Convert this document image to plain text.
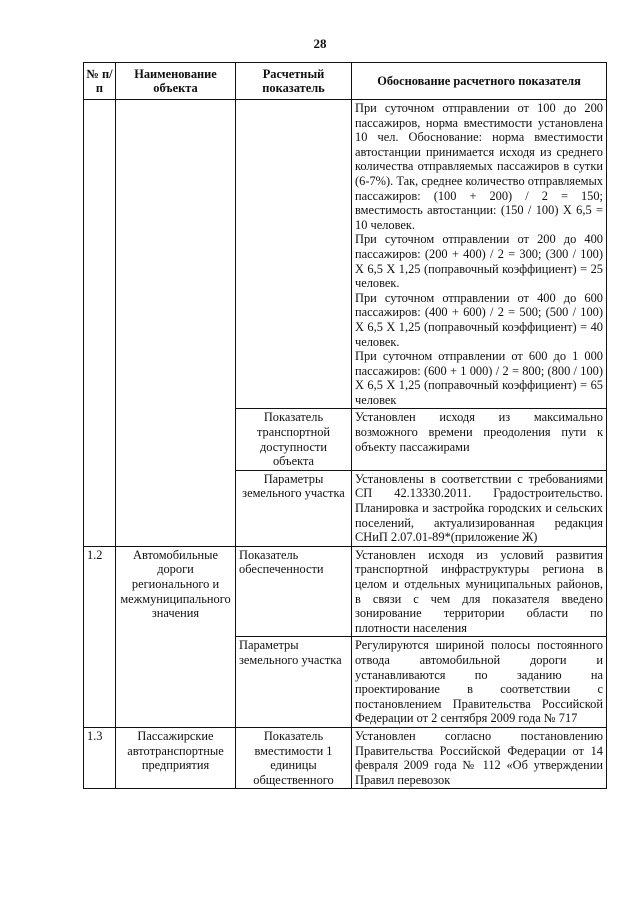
28
№ п/п	Наименование объекта	Расчетный показатель	Обоснование расчетного показателя

			При суточном отправлении от 100 до 200 пассажиров, норма вместимости установлена 10 чел. Обоснование: норма вместимости автостанции принимается исходя из среднего количества отправляемых пассажиров в сутки (6-7%). Так, среднее количество отправляемых пассажиров: (100 + 200) / 2 = 150; вместимость автостанции: (150 / 100) Х 6,5 = 10 человек.
При суточном отправлении от 200 до 400 пассажиров: (200 + 400) / 2 = 300; (300 / 100) Х 6,5 Х 1,25 (поправочный коэффициент) = 25 человек.
При суточном отправлении от 400 до 600 пассажиров: (400 + 600) / 2 = 500; (500 / 100) Х 6,5 Х 1,25 (поправочный коэффициент) = 40 человек.
При суточном отправлении от 600 до 1 000 пассажиров: (600 + 1 000) / 2 = 800; (800 / 100) Х 6,5 Х 1,25 (поправочный коэффициент) = 65 человек

		Показатель транспортной доступности объекта	Установлен исходя из максимально возможного времени преодоления пути к объекту пассажирами
		Параметры земельного участка	Установлены в соответствии с требованиями СП 42.13330.2011. Градостроительство. Планировка и застройка городских и сельских поселений, актуализированная редакция СНиП 2.07.01-89*(приложение Ж)
1.2	Автомобильные дороги регионального и межмуниципального значения	Показатель обеспеченности	Установлен исходя из условий развития транспортной инфраструктуры региона в целом и отдельных муниципальных районов, в связи с чем для показателя введено зонирование территории области по плотности населения
		Параметры земельного участка	Регулируются шириной полосы постоянного отвода автомобильной дороги и устанавливаются по заданию на проектирование в соответствии с постановлением Правительства Российской Федерации от 2 сентября 2009 года № 717
1.3	Пассажирские автотранспортные предприятия	Показатель вместимости 1 единицы общественного	Установлен согласно постановлению Правительства Российской Федерации от 14 февраля 2009 года № 112 «Об утверждении Правил перевозок
